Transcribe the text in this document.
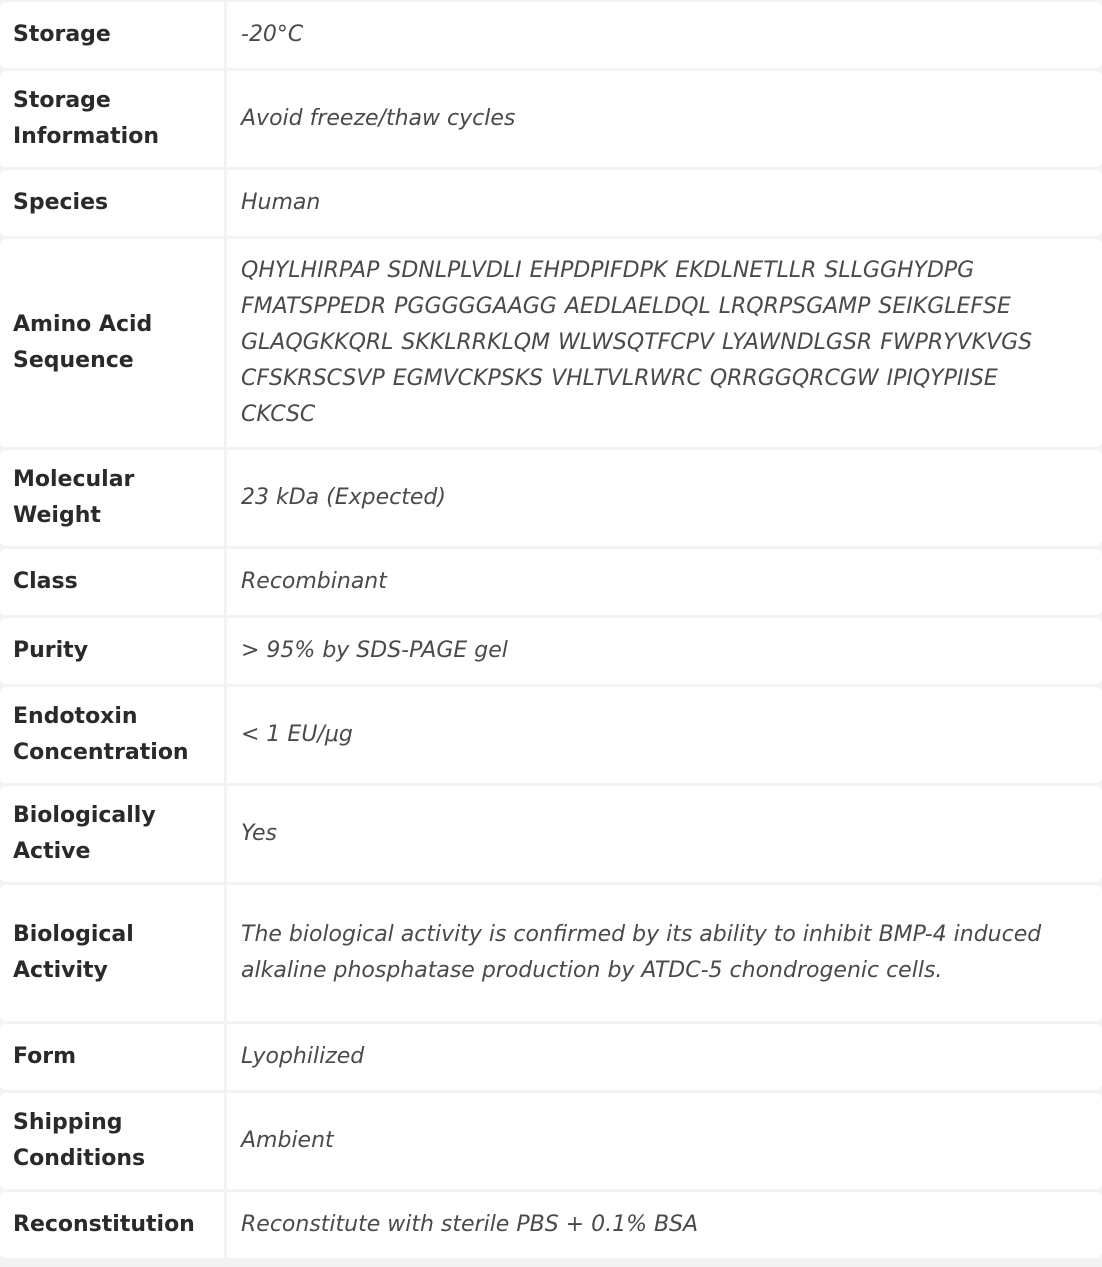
Storage	-20°C
Storage Information	Avoid freeze/thaw cycles
Species	Human
Amino Acid Sequence	QHYLHIRPAP SDNLPLVDLI EHPDPIFDPK EKDLNETLLR SLLGGHYDPG FMATSPPEDR PGGGGGAAGG AEDLAELDQL LRQRPSGAMP SEIKGLEFSE GLAQGKKQRL SKKLRRKLQM WLWSQTFCPV LYAWNDLGSR FWPRYVKVGS CFSKRSCSVP EGMVCKPSKS VHLTVLRWRC QRRGGQRCGW IPIQYPIISE CKCSC
Molecular Weight	23 kDa (Expected)
Class	Recombinant
Purity	> 95% by SDS-PAGE gel
Endotoxin Concentration	< 1 EU/μg
Biologically Active	Yes
Biological Activity	The biological activity is confirmed by its ability to inhibit BMP-4 induced alkaline phosphatase production by ATDC-5 chondrogenic cells.
Form	Lyophilized
Shipping Conditions	Ambient
Reconstitution	Reconstitute with sterile PBS + 0.1% BSA
